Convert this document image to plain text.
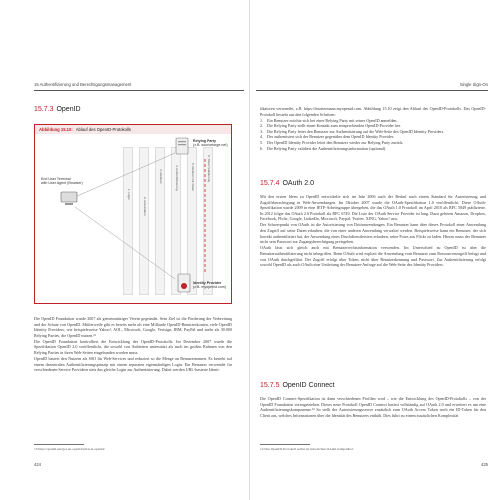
15 Authentifizierung und Berechtigungsmanagement
15.7.3 OpenID
Abbildung 15.10: Ablauf des OpenID-Protokolls
1. Login
2. Assoziation
3. Redirect	4. Authentifizierung	5. Redirect mit Token	6. Token-Validierung
Relying Party
(z.B. sourceforge.net)
End User Terminal
with User Agent (Browser)
Identity Provider
(z.B. myopenid.com)

Die OpenID Foundation wurde 2007 als gemeinnütziger Verein gegründet. Sein Ziel ist die Förderung der Verbreitung und der Schutz von OpenID. Mittlerweile gibt es bereits mehr als eine Milliarde OpenID-Benutzerkonten, viele OpenID Identity Providers, wie beispielsweise Yahoo!, AOL, Microsoft, Google, Verisign, IBM, PayPal und mehr als 30.000 Relying Parties, die OpenID nutzen.¹³

Die OpenID Foundation kontrolliert die Entwicklung des OpenID-Protokolls. Im Dezember 2007 wurde die Spezifikation OpenID 2.0 veröffentlicht, die sowohl von Anbietern unterstützt als auch im großen Rahmen von den Relying Parties in ihren Web-Seiten eingebunden worden muss.

OpenID basiert den Nutzern als SSO für Web-Services und reduziert so die Menge an Benutzernamen. Es besteht auf einem dezentralen Authentifizierungsprinzip mit einem separaten eigenständigen Login. Ein Benutzer verwendet für verschiedenen Service Providern stets das gleiche Login zur Authentisierung. Dabei werden URL-basierte Identi-

13 http://openid.net/get-an-openid/what-is-openid/
424
Single Sign-On

fikatoren verwendet, z.B. https://mustermann.myopenid.com. Abbildung 15.10 zeigt den Ablauf des OpenID-Protokolls. Das OpenID-Protokoll besteht aus den folgenden Schritten:

1. Ein Benutzer möchte sich bei einer Relying Party mit seiner OpenID anmelden.
2. Die Relying Party stellt einen Kontakt zum entsprechenden OpenID-Provider her.
3. Die Relying Party leitet den Benutzer zur Authentisierung auf die Web-Seite des OpenID Identity Providers.
4. Der authentisiert sich der Benutzer gegenüber dem OpenID Identity Provider.
5. Der OpenID Identity Provider leitet den Benutzer wieder zur Relying Party zurück.
6. Die Relying Party validiert die Authentifizierungsinformation (optional).
15.7.4 OAuth 2.0

Mit den ersten Ideen zu OpenID entwickelte sich im Jahr 2006 auch der Bedarf nach einem Standard für Autorisierung und Zugriffsberechtigung in Web-Anwendungen. Im Oktober 2007 wurde die OAuth-Spezifikation 1.0 veröffentlicht. Diese OAuth-Spezifikation wurde 2009 in eine IETF-Arbeitsgruppe übergeben, die das OAuth 1.0 Protokoll im April 2010 als RFC 5849 publizierte. In 2012 folgte das OAuth 2.0 Protokoll als RFC 6749. Die Liste der OAuth Service Provider ist lang. Dazu gehören Amazon, Dropbox, Facebook, Flickr, Google, LinkedIn, Microsoft, Paypal, Twitter, XING, Yahoo! usw.

Der Schwerpunkt von OAuth ist die Autorisierung von Drittanwendungen. Ein Benutzer kann über dieses Protokoll einer Anwendung den Zugriff auf seine Daten erlauben, die von einer anderen Anwendung verwaltet werden. Beispielsweise kann ein Benutzer, der sich korrekt authentifiziert hat, der Anwendung eines Druckdienstleisters erlauben, seine Fotos aus Flickr zu laden. Hierzu muss der Benutzer nicht sein Passwort zur Zugangsberechtigung preisgeben.

OAuth lässt sich gleich auch mit Benutzerrechtsinformation verwenden. Im Unterschied zu OpenID ist aber die Benutzerauthentifizierung nicht inbegriffen. Beim OAuth wird explizit die Anwendung vom Benutzer zum Ressourcenzugriff befugt und von OAuth durchgeführt. Der Zugriff erfolgt über Token, nicht über Benutzerkennung und Passwort. Zur Authentifizierung erfolgt sowohl OpenID als auch OAuth eine Umleitung der Benutzer-Anfrage auf die Web-Seite des Identity Providers.

15.7.5 OpenID Connect

Die OpenID Connect-Spezifikation ist dann verschiedenen Profilen wird – wie die Entwicklung des OpenID-Protokolls – von der OpenID Foundation vorangetrieben. Dieses neue Protokoll OpenID Connect basiert vollständig auf OAuth 2.0 und erweitert es um eine Authentifizierungskomponente.¹⁴ So stellt der Autorisierungsserver zusätzlich zum OAuth Access Token noch ein ID-Token für den Client aus, welches Informationen über die Identität des Benutzers enthält. Dies führt zu einem zusätzlichen Komplexität

14 Das OpenID-Protokoll selbst ist inzwischen OAuth kompatibel.
425
